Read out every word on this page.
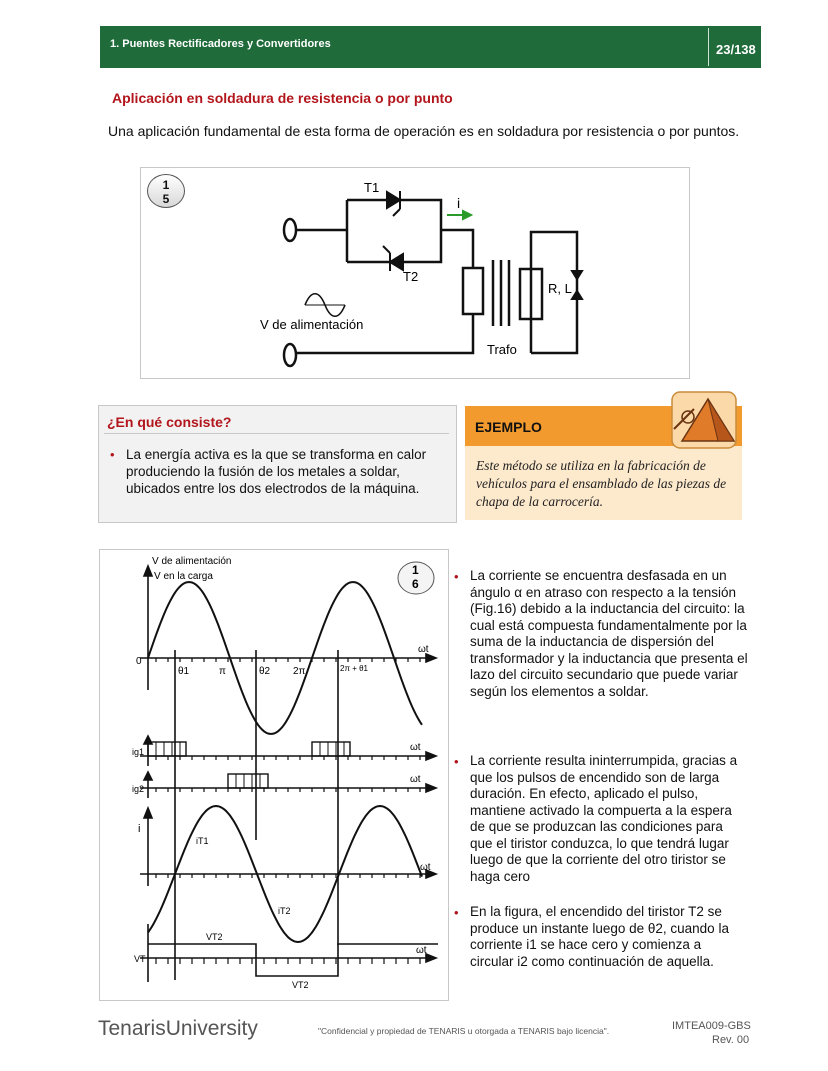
1. Puentes Rectificadores y Convertidores	23/138
Aplicación en soldadura de resistencia o por punto
Una aplicación fundamental de esta forma de operación es en soldadura por resistencia o por puntos.
1
5
T1
T2
i
R, L
V de alimentación
Trafo
¿En qué consiste?
• La energía activa es la que se transforma en calor produciendo la fusión de los metales a soldar, ubicados entre los dos electrodos de la máquina.
EJEMPLO
Este método se utiliza en la fabricación de vehículos para el ensamblado de las piezas de chapa de la carrocería.
1
6
V de alimentación
V en la carga
0
ωt
θ1	π	θ2 2π	2π + θ1
ig1	ωt
ig2
ωt
i
iT1
iT2
ωt
VT2
VT2
ωt
VT
• La corriente se encuentra desfasada en un ángulo α en atraso con respecto a la tensión (Fig.16) debido a la inductancia del circuito: la cual está compuesta fundamentalmente por la suma de la inductancia de dispersión del transformador y la inductancia que presenta el lazo del circuito secundario que puede variar según los elementos a soldar.
• La corriente resulta ininterrumpida, gracias a que los pulsos de encendido son de larga duración. En efecto, aplicado el pulso, mantiene activado la compuerta a la espera de que se produzcan las condiciones para que el tiristor conduzca, lo que tendrá lugar luego de que la corriente del otro tiristor se haga cero
• En la figura, el encendido del tiristor T2 se produce un instante luego de θ2, cuando la corriente i1 se hace cero y comienza a circular i2 como continuación de aquella.
TenarisUniversity	"Confidencial y propiedad de TENARIS u otorgada a TENARIS bajo licencia".	IMTEA009-GBS
Rev. 00
